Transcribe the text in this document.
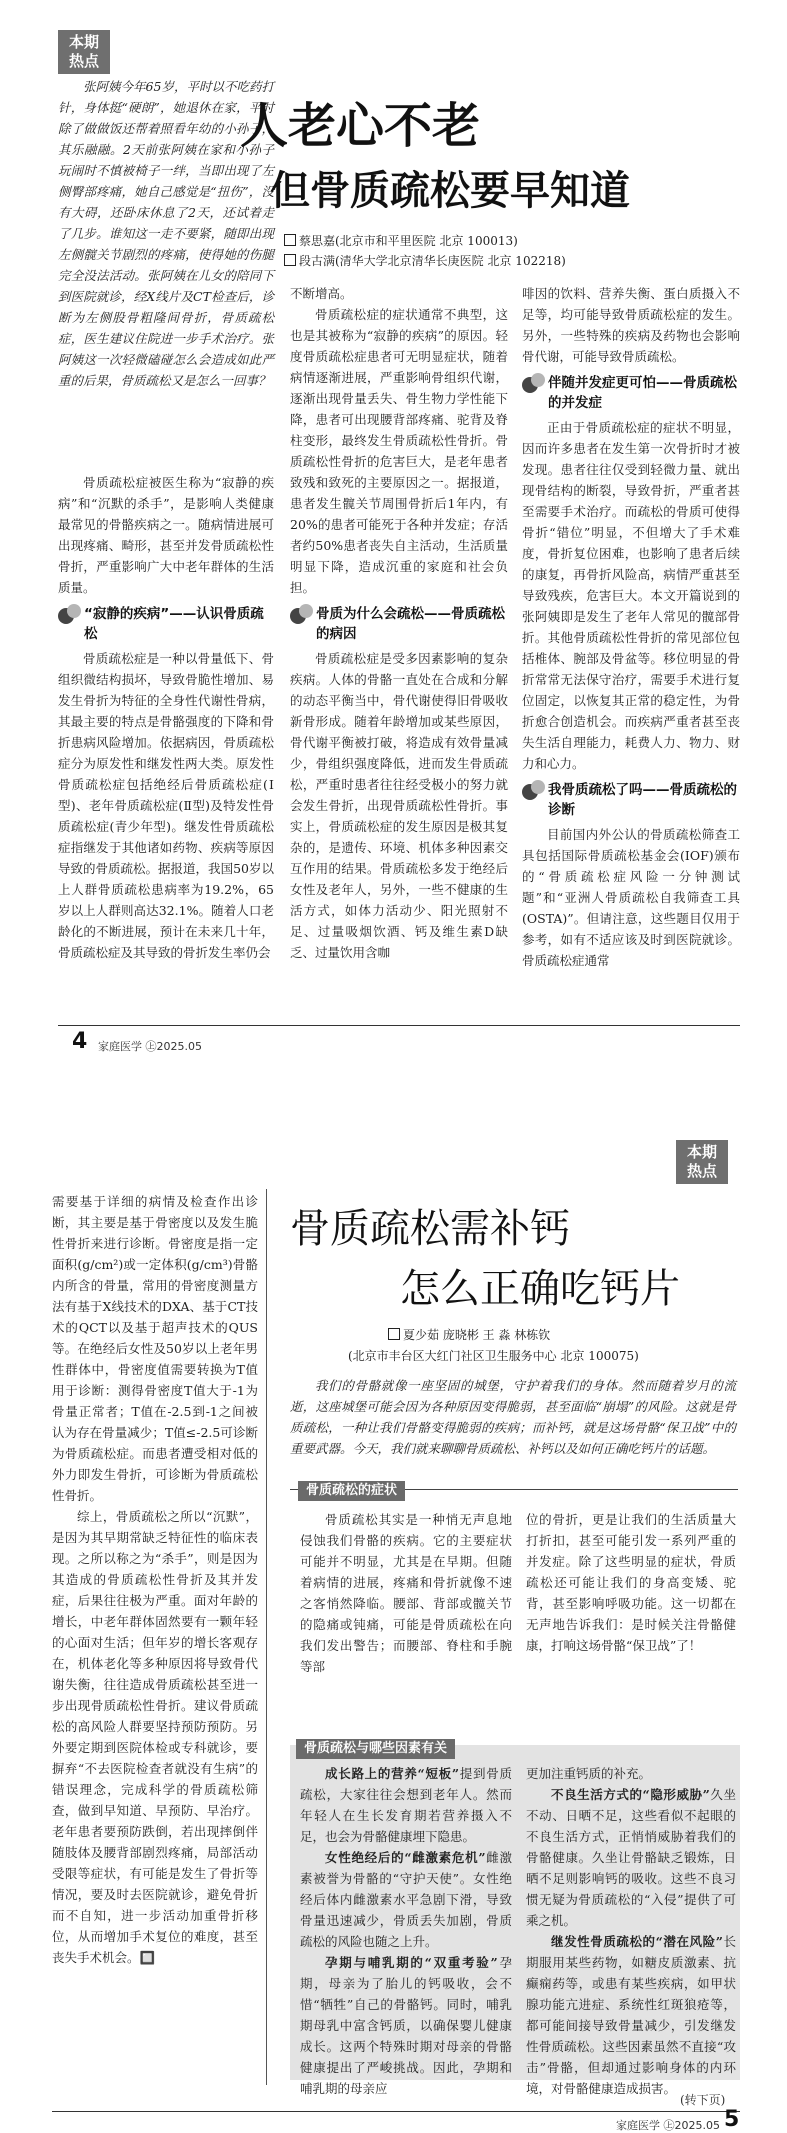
本期
热点

张阿姨今年65岁，平时以不吃药打针，身体挺“硬朗”，她退休在家，平时除了做做饭还帮着照看年幼的小孙子，其乐融融。2天前张阿姨在家和小孙子玩闹时不慎被椅子一绊，当即出现了左侧臀部疼痛，她自己感觉是“扭伤”，没有大碍，还卧床休息了2天，还试着走了几步。谁知这一走不要紧，随即出现左侧髋关节剧烈的疼痛，使得她的伤腿完全没法活动。张阿姨在儿女的陪同下到医院就诊，经X线片及CT检查后，诊断为左侧股骨粗隆间骨折，骨质疏松症，医生建议住院进一步手术治疗。张阿姨这一次轻微磕碰怎么会造成如此严重的后果，骨质疏松又是怎么一回事？

人老心不老
但骨质疏松要早知道
蔡思嘉(北京市和平里医院 北京 100013)
段古满(清华大学北京清华长庚医院 北京 102218)

骨质疏松症被医生称为“寂静的疾病”和“沉默的杀手”，是影响人类健康最常见的骨骼疾病之一。随病情进展可出现疼痛、畸形，甚至并发骨质疏松性骨折，严重影响广大中老年群体的生活质量。

“寂静的疾病”——认识骨质疏松

骨质疏松症是一种以骨量低下、骨组织微结构损坏，导致骨脆性增加、易发生骨折为特征的全身性代谢性骨病，其最主要的特点是骨骼强度的下降和骨折患病风险增加。依据病因，骨质疏松症分为原发性和继发性两大类。原发性骨质疏松症包括绝经后骨质疏松症(Ⅰ型)、老年骨质疏松症(Ⅱ型)及特发性骨质疏松症(青少年型)。继发性骨质疏松症指继发于其他诸如药物、疾病等原因导致的骨质疏松。据报道，我国50岁以上人群骨质疏松患病率为19.2%，65岁以上人群则高达32.1%。随着人口老龄化的不断进展，预计在未来几十年，骨质疏松症及其导致的骨折发生率仍会

不断增高。

骨质疏松症的症状通常不典型，这也是其被称为“寂静的疾病”的原因。轻度骨质疏松症患者可无明显症状，随着病情逐渐进展，严重影响骨组织代谢，逐渐出现骨量丢失、骨生物力学性能下降，患者可出现腰背部疼痛、驼背及脊柱变形，最终发生骨质疏松性骨折。骨质疏松性骨折的危害巨大，是老年患者致残和致死的主要原因之一。据报道，患者发生髋关节周围骨折后1年内，有20%的患者可能死于各种并发症；存活者约50%患者丧失自主活动，生活质量明显下降，造成沉重的家庭和社会负担。

骨质为什么会疏松——骨质疏松的病因

骨质疏松症是受多因素影响的复杂疾病。人体的骨骼一直处在合成和分解的动态平衡当中，骨代谢使得旧骨吸收新骨形成。随着年龄增加或某些原因，骨代谢平衡被打破，将造成有效骨量减少，骨组织强度降低，进而发生骨质疏松，严重时患者往往经受极小的努力就会发生骨折，出现骨质疏松性骨折。事实上，骨质疏松症的发生原因是极其复杂的，是遗传、环境、机体多种因素交互作用的结果。骨质疏松多发于绝经后女性及老年人，另外，一些不健康的生活方式，如体力活动少、阳光照射不足、过量吸烟饮酒、钙及维生素D缺乏、过量饮用含咖

啡因的饮料、营养失衡、蛋白质摄入不足等，均可能导致骨质疏松症的发生。另外，一些特殊的疾病及药物也会影响骨代谢，可能导致骨质疏松。

伴随并发症更可怕——骨质疏松的并发症

正由于骨质疏松症的症状不明显，因而许多患者在发生第一次骨折时才被发现。患者往往仅受到轻微力量、就出现骨结构的断裂，导致骨折，严重者甚至需要手术治疗。而疏松的骨质可使得骨折“错位”明显，不但增大了手术难度，骨折复位困难，也影响了患者后续的康复，再骨折风险高，病情严重甚至导致残疾，危害巨大。本文开篇说到的张阿姨即是发生了老年人常见的髋部骨折。其他骨质疏松性骨折的常见部位包括椎体、腕部及骨盆等。移位明显的骨折常常无法保守治疗，需要手术进行复位固定，以恢复其正常的稳定性，为骨折愈合创造机会。而疾病严重者甚至丧失生活自理能力，耗费人力、物力、财力和心力。

我骨质疏松了吗——骨质疏松的诊断

目前国内外公认的骨质疏松筛查工具包括国际骨质疏松基金会(IOF)颁布的“骨质疏松症风险一分钟测试题”和“亚洲人骨质疏松自我筛查工具(OSTA)”。但请注意，这些题目仅用于参考，如有不适应该及时到医院就诊。骨质疏松症通常

4 家庭医学 ㊤2025.05
本期
热点

需要基于详细的病情及检查作出诊断，其主要是基于骨密度以及发生脆性骨折来进行诊断。骨密度是指一定面积(g/cm²)或一定体积(g/cm³)骨骼内所含的骨量，常用的骨密度测量方法有基于X线技术的DXA、基于CT技术的QCT以及基于超声技术的QUS等。在绝经后女性及50岁以上老年男性群体中，骨密度值需要转换为T值用于诊断：测得骨密度T值大于-1为骨量正常者；T值在-2.5到-1之间被认为存在骨量减少；T值≤-2.5可诊断为骨质疏松症。而患者遭受相对低的外力即发生骨折，可诊断为骨质疏松性骨折。

综上，骨质疏松之所以“沉默”，是因为其早期常缺乏特征性的临床表现。之所以称之为“杀手”，则是因为其造成的骨质疏松性骨折及其并发症，后果往往极为严重。面对年龄的增长，中老年群体固然要有一颗年轻的心面对生活；但年岁的增长客观存在，机体老化等多种原因将导致骨代谢失衡，往往造成骨质疏松甚至进一步出现骨质疏松性骨折。建议骨质疏松的高风险人群要坚持预防预防。另外要定期到医院体检或专科就诊，要摒弃“不去医院检查者就没有生病”的错误理念，完成科学的骨质疏松筛查，做到早知道、早预防、早治疗。老年患者要预防跌倒，若出现摔倒伴随肢体及腰背部剧烈疼痛，局部活动受限等症状，有可能是发生了骨折等情况，要及时去医院就诊，避免骨折而不自知，进一步活动加重骨折移位，从而增加手术复位的难度，甚至丧失手术机会。🔲

骨质疏松需补钙
怎么正确吃钙片
夏少茹 庞晓彬 王 淼 林栋钦
(北京市丰台区大红门社区卫生服务中心 北京 100075)

我们的骨骼就像一座坚固的城堡，守护着我们的身体。然而随着岁月的流逝，这座城堡可能会因为各种原因变得脆弱，甚至面临“崩塌”的风险。这就是骨质疏松，一种让我们骨骼变得脆弱的疾病；而补钙，就是这场骨骼“保卫战”中的重要武器。今天，我们就来聊聊骨质疏松、补钙以及如何正确吃钙片的话题。

骨质疏松的症状

骨质疏松其实是一种悄无声息地侵蚀我们骨骼的疾病。它的主要症状可能并不明显，尤其是在早期。但随着病情的进展，疼痛和骨折就像不速之客悄然降临。腰部、背部或髋关节的隐痛或钝痛，可能是骨质疏松在向我们发出警告；而腰部、脊柱和手腕等部

位的骨折，更是让我们的生活质量大打折扣，甚至可能引发一系列严重的并发症。除了这些明显的症状，骨质疏松还可能让我们的身高变矮、驼背，甚至影响呼吸功能。这一切都在无声地告诉我们：是时候关注骨骼健康，打响这场骨骼“保卫战”了！

骨质疏松与哪些因素有关

成长路上的营养“短板”提到骨质疏松，大家往往会想到老年人。然而年轻人在生长发育期若营养摄入不足，也会为骨骼健康埋下隐患。

女性绝经后的“雌激素危机”雌激素被誉为骨骼的“守护天使”。女性绝经后体内雌激素水平急剧下滑，导致骨量迅速减少，骨质丢失加剧，骨质疏松的风险也随之上升。

孕期与哺乳期的“双重考验”孕期，母亲为了胎儿的钙吸收，会不惜“牺牲”自己的骨骼钙。同时，哺乳期母乳中富含钙质，以确保婴儿健康成长。这两个特殊时期对母亲的骨骼健康提出了严峻挑战。因此，孕期和哺乳期的母亲应

更加注重钙质的补充。

不良生活方式的“隐形威胁”久坐不动、日晒不足，这些看似不起眼的不良生活方式，正悄悄威胁着我们的骨骼健康。久坐让骨骼缺乏锻炼，日晒不足则影响钙的吸收。这些不良习惯无疑为骨质疏松的“入侵”提供了可乘之机。

继发性骨质疏松的“潜在风险”长期服用某些药物，如糖皮质激素、抗癫痫药等，或患有某些疾病，如甲状腺功能亢进症、系统性红斑狼疮等，都可能间接导致骨量减少，引发继发性骨质疏松。这些因素虽然不直接“攻击”骨骼，但却通过影响身体的内环境，对骨骼健康造成损害。

(转下页)
家庭医学 ㊤2025.05 5
